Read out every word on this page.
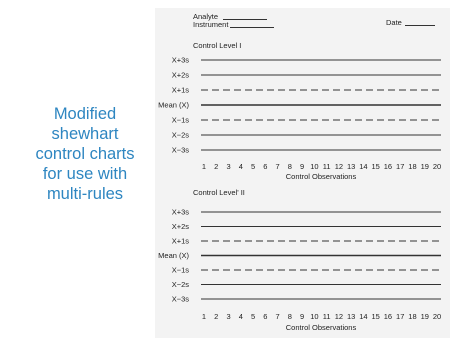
Modified
shewhart
control charts
for use with
multi-rules
Analyte
Instrument	Date
Control Level I
X+3s
X+2s
X+1s
Mean (X)
X−1s
X−2s
X−3s
1 2 3 4 5 6 7 8 9 10 11 12 13 14 15 16 17 18 19 20
Control Observations
Control Level' II
X+3s
X+2s
X+1s
Mean (X)
X−1s
X−2s
X−3s
1 2 3 4 5 6 7 8 9 10 11 12 13 14 15 16 17 18 19 20
Control Observations
